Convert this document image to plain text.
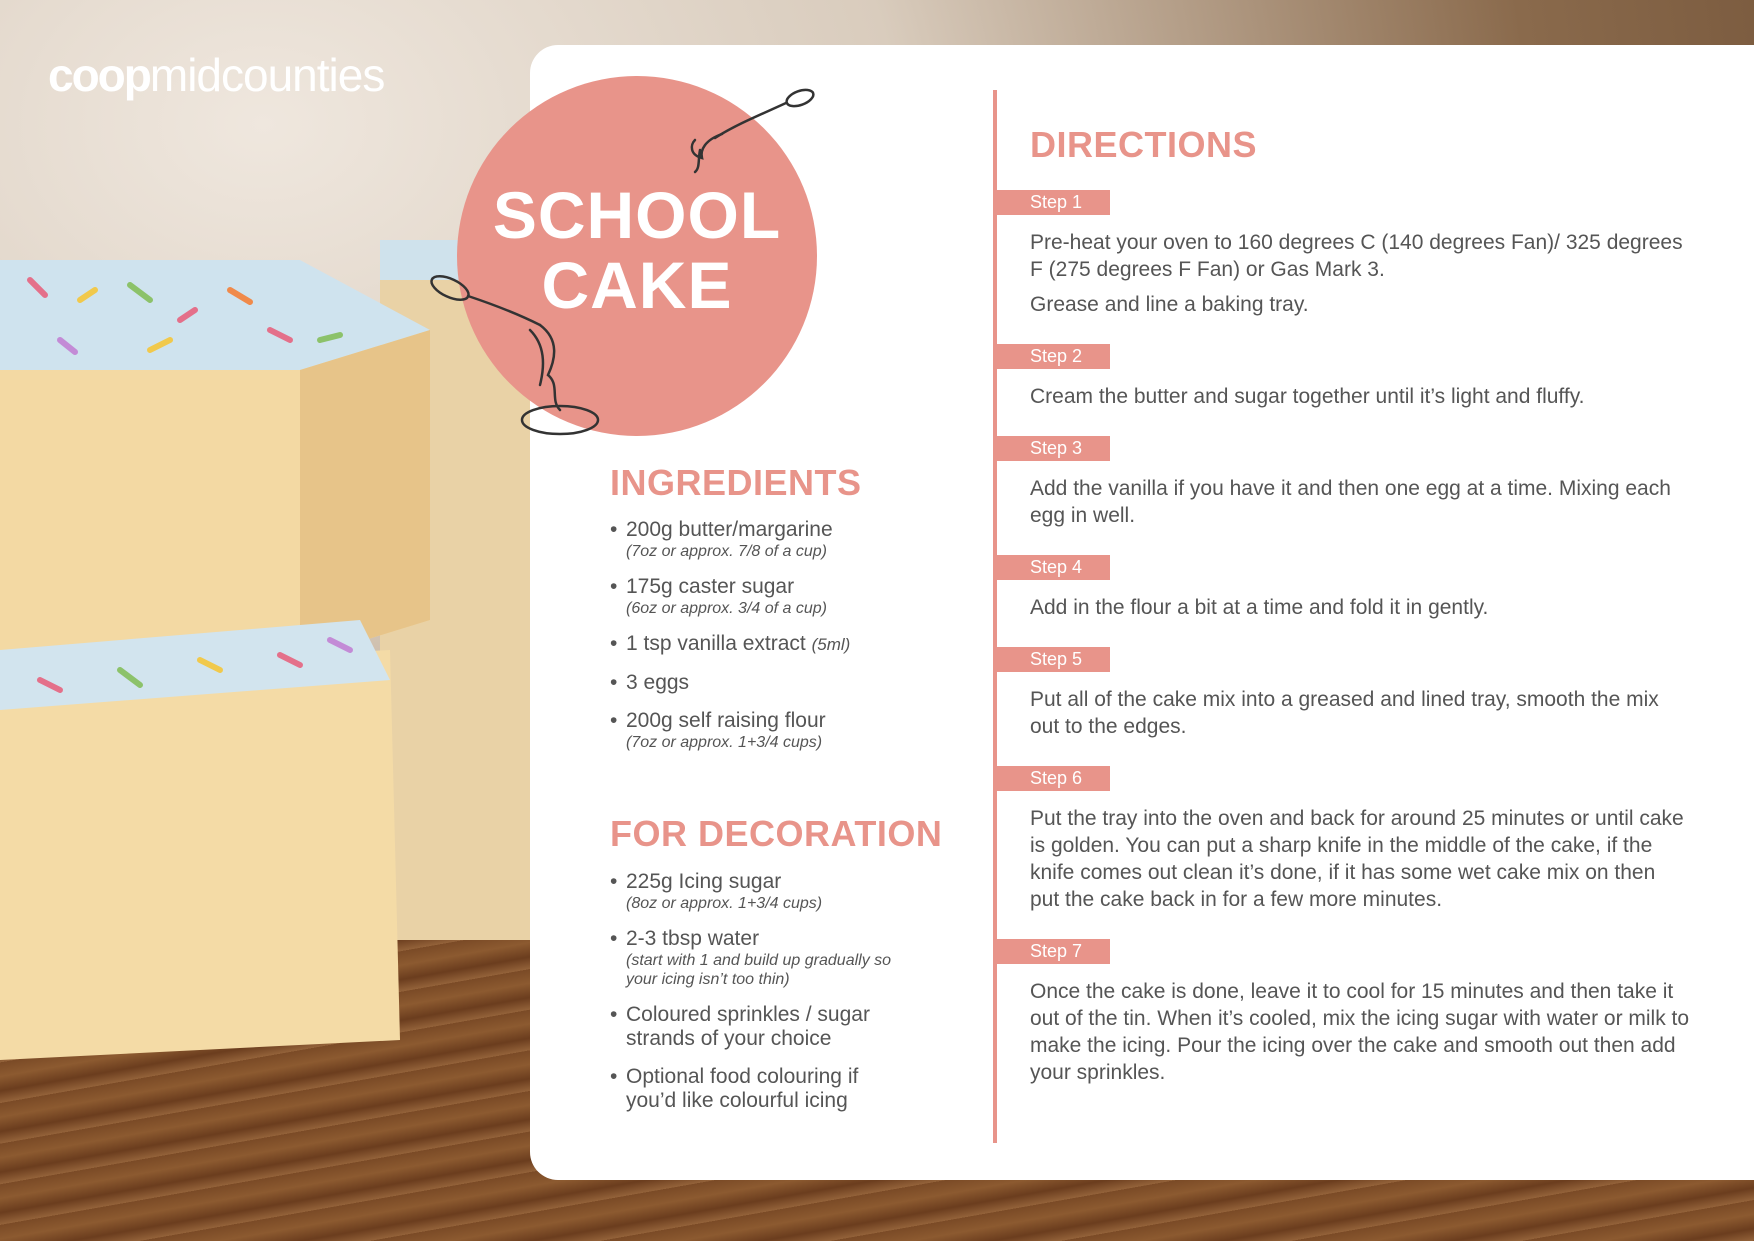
coopmidcounties
SCHOOL
CAKE
INGREDIENTS
• 200g butter/margarine
(7oz or approx. 7/8 of a cup)
• 175g caster sugar
(6oz or approx. 3/4 of a cup)
• 1 tsp vanilla extract (5ml)
• 3 eggs
• 200g self raising flour
(7oz or approx. 1+3/4 cups)
FOR DECORATION
• 225g Icing sugar
(8oz or approx. 1+3/4 cups)
• 2-3 tbsp water
(start with 1 and build up gradually so your icing isn’t too thin)
• Coloured sprinkles / sugar strands of your choice
• Optional food colouring if you’d like colourful icing
DIRECTIONS
Step 1

Pre-heat your oven to 160 degrees C (140 degrees Fan)/ 325 degrees F (275 degrees F Fan) or Gas Mark 3.

Grease and line a baking tray.

Step 2

Cream the butter and sugar together until it’s light and fluffy.

Step 3

Add the vanilla if you have it and then one egg at a time. Mixing each egg in well.

Step 4

Add in the flour a bit at a time and fold it in gently.

Step 5

Put all of the cake mix into a greased and lined tray, smooth the mix out to the edges.

Step 6

Put the tray into the oven and back for around 25 minutes or until cake is golden. You can put a sharp knife in the middle of the cake, if the knife comes out clean it’s done, if it has some wet cake mix on then put the cake back in for a few more minutes.

Step 7

Once the cake is done, leave it to cool for 15 minutes and then take it out of the tin. When it’s cooled, mix the icing sugar with water or milk to make the icing. Pour the icing over the cake and smooth out then add your sprinkles.
